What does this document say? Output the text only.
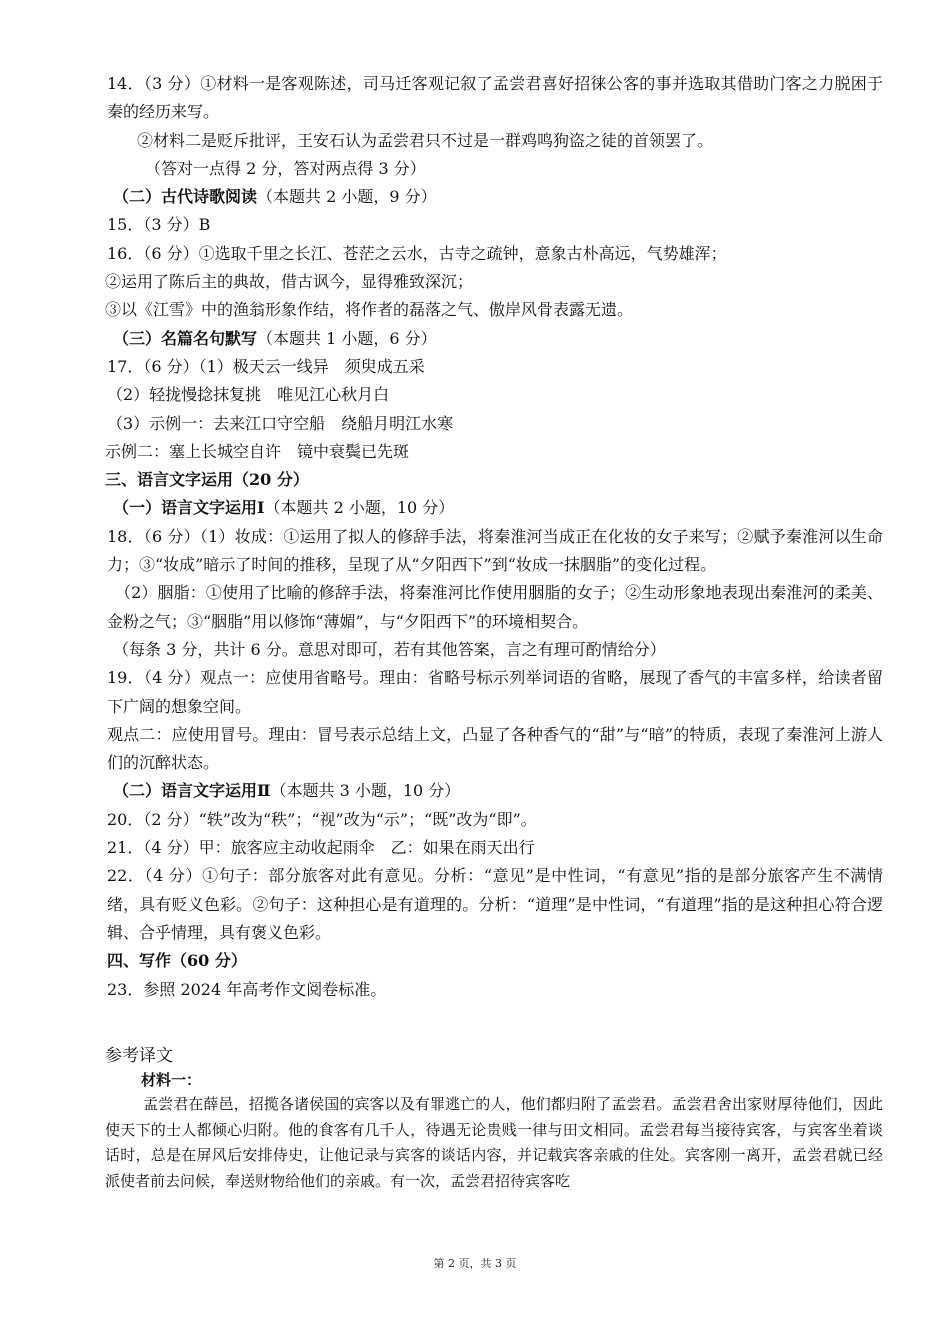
14．（3 分）①材料一是客观陈述，司马迁客观记叙了孟尝君喜好招徕公客的事并选取其借助门客之力脱困于秦的经历来写。

②材料二是贬斥批评，王安石认为孟尝君只不过是一群鸡鸣狗盗之徒的首领罢了。

（答对一点得 2 分，答对两点得 3 分）

（二）古代诗歌阅读（本题共 2 小题，9 分）

15．（3 分）B

16．（6 分）①选取千里之长江、苍茫之云水，古寺之疏钟，意象古朴高远，气势雄浑；

②运用了陈后主的典故，借古讽今，显得雅致深沉；

③以《江雪》中的渔翁形象作结，将作者的磊落之气、傲岸风骨表露无遗。

（三）名篇名句默写（本题共 1 小题，6 分）

17．（6 分）（1）极天云一线异　须臾成五采

（2）轻拢慢捻抹复挑　唯见江心秋月白

（3）示例一：去来江口守空船　绕船月明江水寒

示例二：塞上长城空自许　镜中衰鬓已先斑

三、语言文字运用（20 分）

（一）语言文字运用Ⅰ（本题共 2 小题，10 分）

18．（6 分）（1）妆成：①运用了拟人的修辞手法，将秦淮河当成正在化妆的女子来写；②赋予秦淮河以生命力；③“妆成”暗示了时间的推移，呈现了从“夕阳西下”到“妆成一抹胭脂”的变化过程。

（2）胭脂：①使用了比喻的修辞手法，将秦淮河比作使用胭脂的女子；②生动形象地表现出秦淮河的柔美、金粉之气；③“胭脂”用以修饰“薄媚”，与“夕阳西下”的环境相契合。

（每条 3 分，共计 6 分。意思对即可，若有其他答案，言之有理可酌情给分）

19．（4 分）观点一：应使用省略号。理由：省略号标示列举词语的省略，展现了香气的丰富多样，给读者留下广阔的想象空间。

观点二：应使用冒号。理由：冒号表示总结上文，凸显了各种香气的“甜”与“暗”的特质，表现了秦淮河上游人们的沉醉状态。

（二）语言文字运用Ⅱ（本题共 3 小题，10 分）

20．（2 分）“轶”改为“秩”；“视”改为“示”；“既”改为“即”。

21．（4 分）甲：旅客应主动收起雨伞　乙：如果在雨天出行

22．（4 分）①句子：部分旅客对此有意见。分析：“意见”是中性词，“有意见”指的是部分旅客产生不满情绪，具有贬义色彩。②句子：这种担心是有道理的。分析：“道理”是中性词，“有道理”指的是这种担心符合逻辑、合乎情理，具有褒义色彩。

四、写作（60 分）

23．参照 2024 年高考作文阅卷标准。

参考译文

材料一：

孟尝君在薛邑，招揽各诸侯国的宾客以及有罪逃亡的人，他们都归附了孟尝君。孟尝君舍出家财厚待他们，因此使天下的士人都倾心归附。他的食客有几千人，待遇无论贵贱一律与田文相同。孟尝君每当接待宾客，与宾客坐着谈话时，总是在屏风后安排侍史，让他记录与宾客的谈话内容，并记载宾客亲戚的住处。宾客刚一离开，孟尝君就已经派使者前去问候，奉送财物给他们的亲戚。有一次，孟尝君招待宾客吃

第 2 页，共 3 页
